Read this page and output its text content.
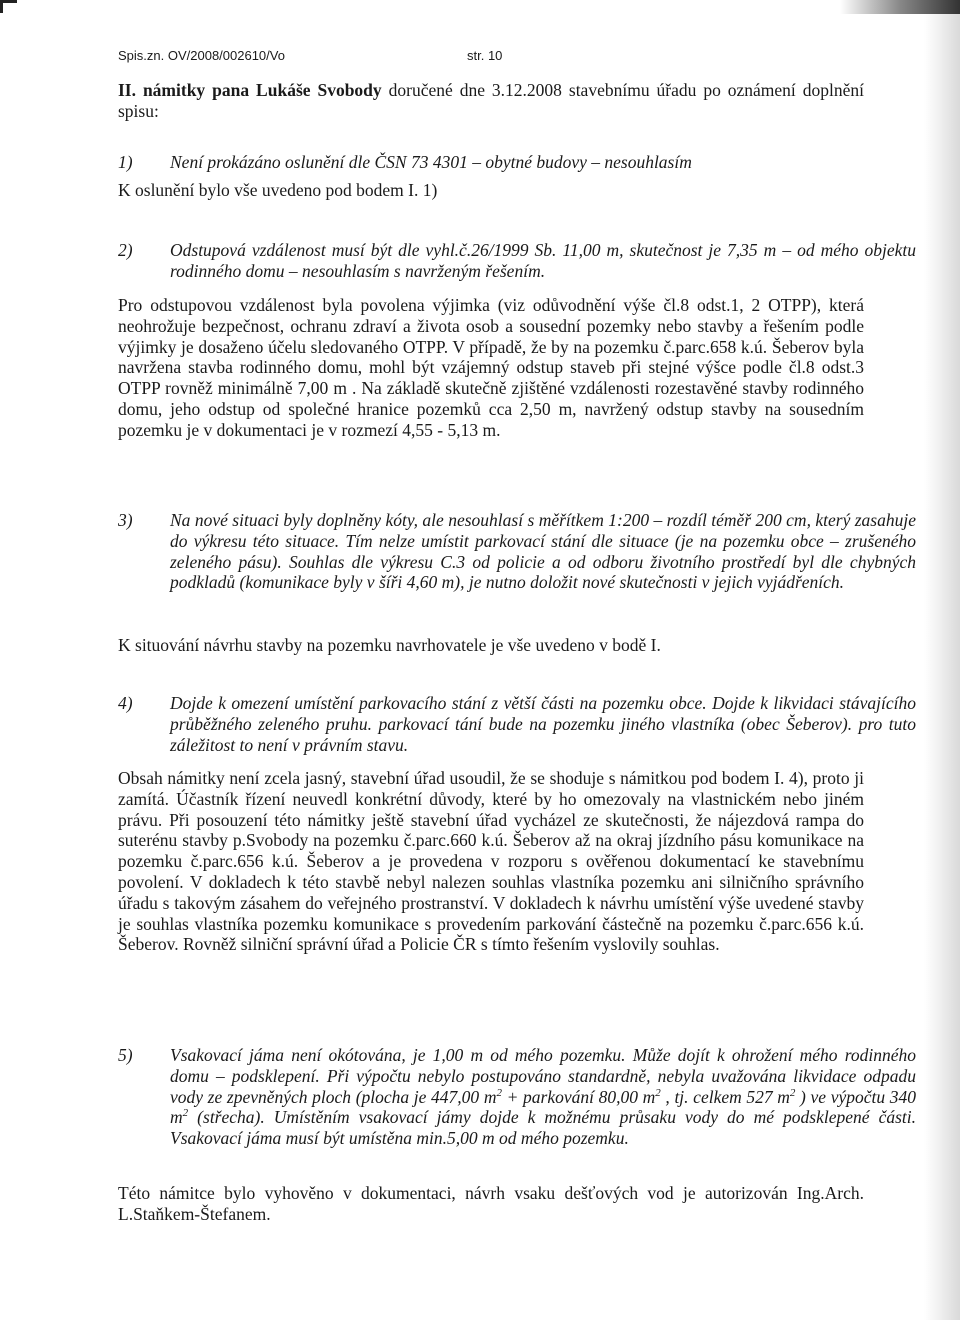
Spis.zn. OV/2008/002610/Vo	str. 10
II. námitky pana Lukáše Svobody doručené dne 3.12.2008 stavebnímu úřadu po oznámení doplnění spisu:
1) Není prokázáno oslunění dle ČSN 73 4301 – obytné budovy – nesouhlasím
K oslunění bylo vše uvedeno pod bodem I. 1)
2) Odstupová vzdálenost musí být dle vyhl.č.26/1999 Sb. 11,00 m, skutečnost je 7,35 m – od mého objektu rodinného domu – nesouhlasím s navrženým řešením.
Pro odstupovou vzdálenost byla povolena výjimka (viz odůvodnění výše čl.8 odst.1, 2 OTPP), která neohrožuje bezpečnost, ochranu zdraví a života osob a sousední pozemky nebo stavby a řešením podle výjimky je dosaženo účelu sledovaného OTPP. V případě, že by na pozemku č.parc.658 k.ú. Šeberov byla navržena stavba rodinného domu, mohl být vzájemný odstup staveb při stejné výšce podle čl.8 odst.3 OTPP rovněž minimálně 7,00 m . Na základě skutečně zjištěné vzdálenosti rozestavěné stavby rodinného domu, jeho odstup od společné hranice pozemků cca 2,50 m, navržený odstup stavby na sousedním pozemku je v dokumentaci je v rozmezí 4,55 - 5,13 m.
3) Na nové situaci byly doplněny kóty, ale nesouhlasí s měřítkem 1:200 – rozdíl téměř 200 cm, který zasahuje do výkresu této situace. Tím nelze umístit parkovací stání dle situace (je na pozemku obce – zrušeného zeleného pásu). Souhlas dle výkresu C.3 od policie a od odboru životního prostředí byl dle chybných podkladů (komunikace byly v šíři 4,60 m), je nutno doložit nové skutečnosti v jejich vyjádřeních.
K situování návrhu stavby na pozemku navrhovatele je vše uvedeno v bodě I.
4) Dojde k omezení umístění parkovacího stání z větší části na pozemku obce. Dojde k likvidaci stávajícího průběžného zeleného pruhu. parkovací tání bude na pozemku jiného vlastníka (obec Šeberov). pro tuto záležitost to není v právním stavu.
Obsah námitky není zcela jasný, stavební úřad usoudil, že se shoduje s námitkou pod bodem I. 4), proto ji zamítá. Účastník řízení neuvedl konkrétní důvody, které by ho omezovaly na vlastnickém nebo jiném právu. Při posouzení této námitky ještě stavební úřad vycházel ze skutečnosti, že nájezdová rampa do suterénu stavby p.Svobody na pozemku č.parc.660 k.ú. Šeberov až na okraj jízdního pásu komunikace na pozemku č.parc.656 k.ú. Šeberov a je provedena v rozporu s ověřenou dokumentací ke stavebnímu povolení. V dokladech k této stavbě nebyl nalezen souhlas vlastníka pozemku ani silničního správního úřadu s takovým zásahem do veřejného prostranství. V dokladech k návrhu umístění výše uvedené stavby je souhlas vlastníka pozemku komunikace s provedením parkování částečně na pozemku č.parc.656 k.ú. Šeberov. Rovněž silniční správní úřad a Policie ČR s tímto řešením vyslovily souhlas.
5) Vsakovací jáma není okótována, je 1,00 m od mého pozemku. Může dojít k ohrožení mého rodinného domu – podsklepení. Při výpočtu nebylo postupováno standardně, nebyla uvažována likvidace odpadu vody ze zpevněných ploch (plocha je 447,00 $m^2$ + parkování 80,00 $m^2$ , tj. celkem 527 $m^2$ ) ve výpočtu 340 $m^2$ (střecha). Umístěním vsakovací jámy dojde k možnému průsaku vody do mé podsklepené části. Vsakovací jáma musí být umístěna min.5,00 m od mého pozemku.
Této námitce bylo vyhověno v dokumentaci, návrh vsaku dešťových vod je autorizován Ing.Arch. L.Staňkem-Štefanem.
